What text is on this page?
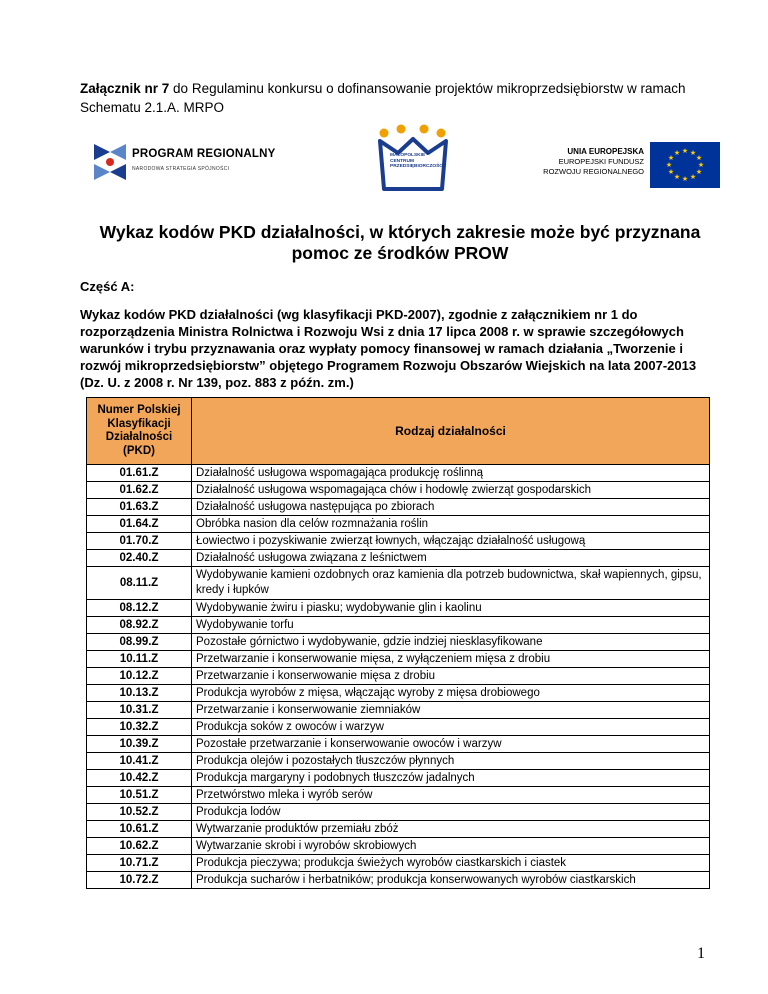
Załącznik nr 7 do Regulaminu konkursu o dofinansowanie projektów mikroprzedsiębiorstw w ramach Schematu 2.1.A. MRPO
PROGRAM REGIONALNY
NARODOWA STRATEGIA SPÓJNOŚCI
MAŁOPOLSKIE CENTRUM PRZEDSIĘBIORCZOŚCI
UNIA EUROPEJSKA
EUROPEJSKI FUNDUSZ
ROZWOJU REGIONALNEGO
★ ★
★
★
★
★
★
★
★
★
★
★
Wykaz kodów PKD działalności, w których zakresie może być przyznana pomoc ze środków PROW
Część A:
Wykaz kodów PKD działalności (wg klasyfikacji PKD-2007), zgodnie z załącznikiem nr 1 do rozporządzenia Ministra Rolnictwa i Rozwoju Wsi z dnia 17 lipca 2008 r. w sprawie szczegółowych warunków i trybu przyznawania oraz wypłaty pomocy finansowej w ramach działania „Tworzenie i rozwój mikroprzedsiębiorstw” objętego Programem Rozwoju Obszarów Wiejskich na lata 2007-2013 (Dz. U. z 2008 r. Nr 139, poz. 883 z późn. zm.)
Numer Polskiej Klasyfikacji Działalności (PKD)	Rodzaj działalności
01.61.Z	Działalność usługowa wspomagająca produkcję roślinną
01.62.Z	Działalność usługowa wspomagająca chów i hodowlę zwierząt gospodarskich
01.63.Z	Działalność usługowa następująca po zbiorach
01.64.Z	Obróbka nasion dla celów rozmnażania roślin
01.70.Z	Łowiectwo i pozyskiwanie zwierząt łownych, włączając działalność usługową
02.40.Z	Działalność usługowa związana z leśnictwem
08.11.Z	Wydobywanie kamieni ozdobnych oraz kamienia dla potrzeb budownictwa, skał wapiennych, gipsu, kredy i łupków
08.12.Z	Wydobywanie żwiru i piasku; wydobywanie glin i kaolinu
08.92.Z	Wydobywanie torfu
08.99.Z	Pozostałe górnictwo i wydobywanie, gdzie indziej niesklasyfikowane
10.11.Z	Przetwarzanie i konserwowanie mięsa, z wyłączeniem mięsa z drobiu
10.12.Z	Przetwarzanie i konserwowanie mięsa z drobiu
10.13.Z	Produkcja wyrobów z mięsa, włączając wyroby z mięsa drobiowego
10.31.Z	Przetwarzanie i konserwowanie ziemniaków
10.32.Z	Produkcja soków z owoców i warzyw
10.39.Z	Pozostałe przetwarzanie i konserwowanie owoców i warzyw
10.41.Z	Produkcja olejów i pozostałych tłuszczów płynnych
10.42.Z	Produkcja margaryny i podobnych tłuszczów jadalnych
10.51.Z	Przetwórstwo mleka i wyrób serów
10.52.Z	Produkcja lodów
10.61.Z	Wytwarzanie produktów przemiału zbóż
10.62.Z	Wytwarzanie skrobi i wyrobów skrobiowych
10.71.Z	Produkcja pieczywa; produkcja świeżych wyrobów ciastkarskich i ciastek
10.72.Z	Produkcja sucharów i herbatników; produkcja konserwowanych wyrobów ciastkarskich
1
